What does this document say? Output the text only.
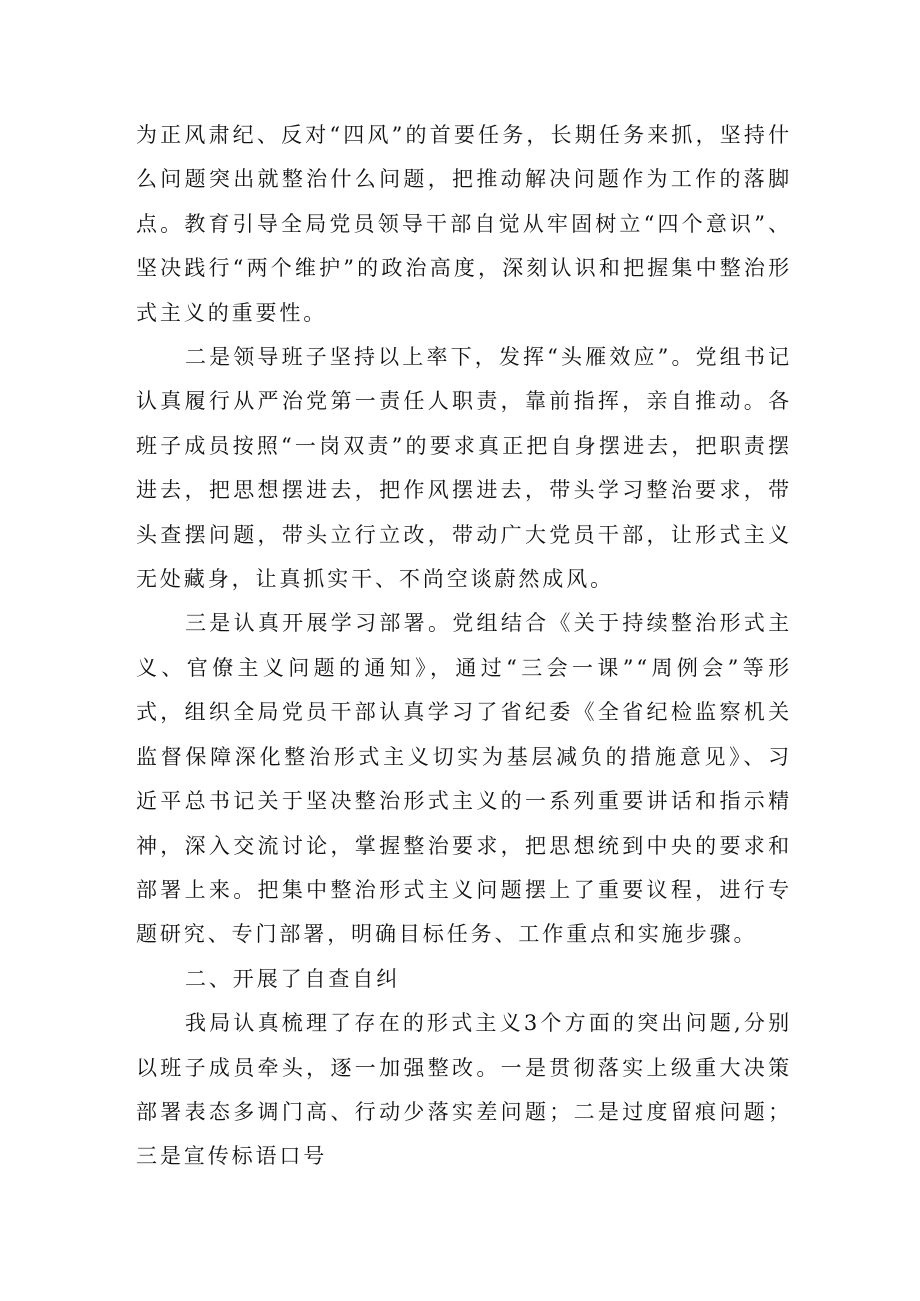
为正风肃纪、反对“四风”的首要任务，长期任务来抓，坚持什么问题突出就整治什么问题，把推动解决问题作为工作的落脚点。教育引导全局党员领导干部自觉从牢固树立“四个意识”、坚决践行“两个维护”的政治高度，深刻认识和把握集中整治形式主义的重要性。

二是领导班子坚持以上率下，发挥“头雁效应”。党组书记认真履行从严治党第一责任人职责，靠前指挥，亲自推动。各班子成员按照“一岗双责”的要求真正把自身摆进去，把职责摆进去，把思想摆进去，把作风摆进去，带头学习整治要求，带头查摆问题，带头立行立改，带动广大党员干部，让形式主义无处藏身，让真抓实干、不尚空谈蔚然成风。

三是认真开展学习部署。党组结合《关于持续整治形式主义、官僚主义问题的通知》，通过“三会一课”“周例会”等形式，组织全局党员干部认真学习了省纪委《全省纪检监察机关监督保障深化整治形式主义切实为基层减负的措施意见》、习近平总书记关于坚决整治形式主义的一系列重要讲话和指示精神，深入交流讨论，掌握整治要求，把思想统到中央的要求和部署上来。把集中整治形式主义问题摆上了重要议程，进行专题研究、专门部署，明确目标任务、工作重点和实施步骤。

二、开展了自查自纠

我局认真梳理了存在的形式主义3个方面的突出问题,分别以班子成员牵头，逐一加强整改。一是贯彻落实上级重大决策部署表态多调门高、行动少落实差问题；二是过度留痕问题；三是宣传标语口号
